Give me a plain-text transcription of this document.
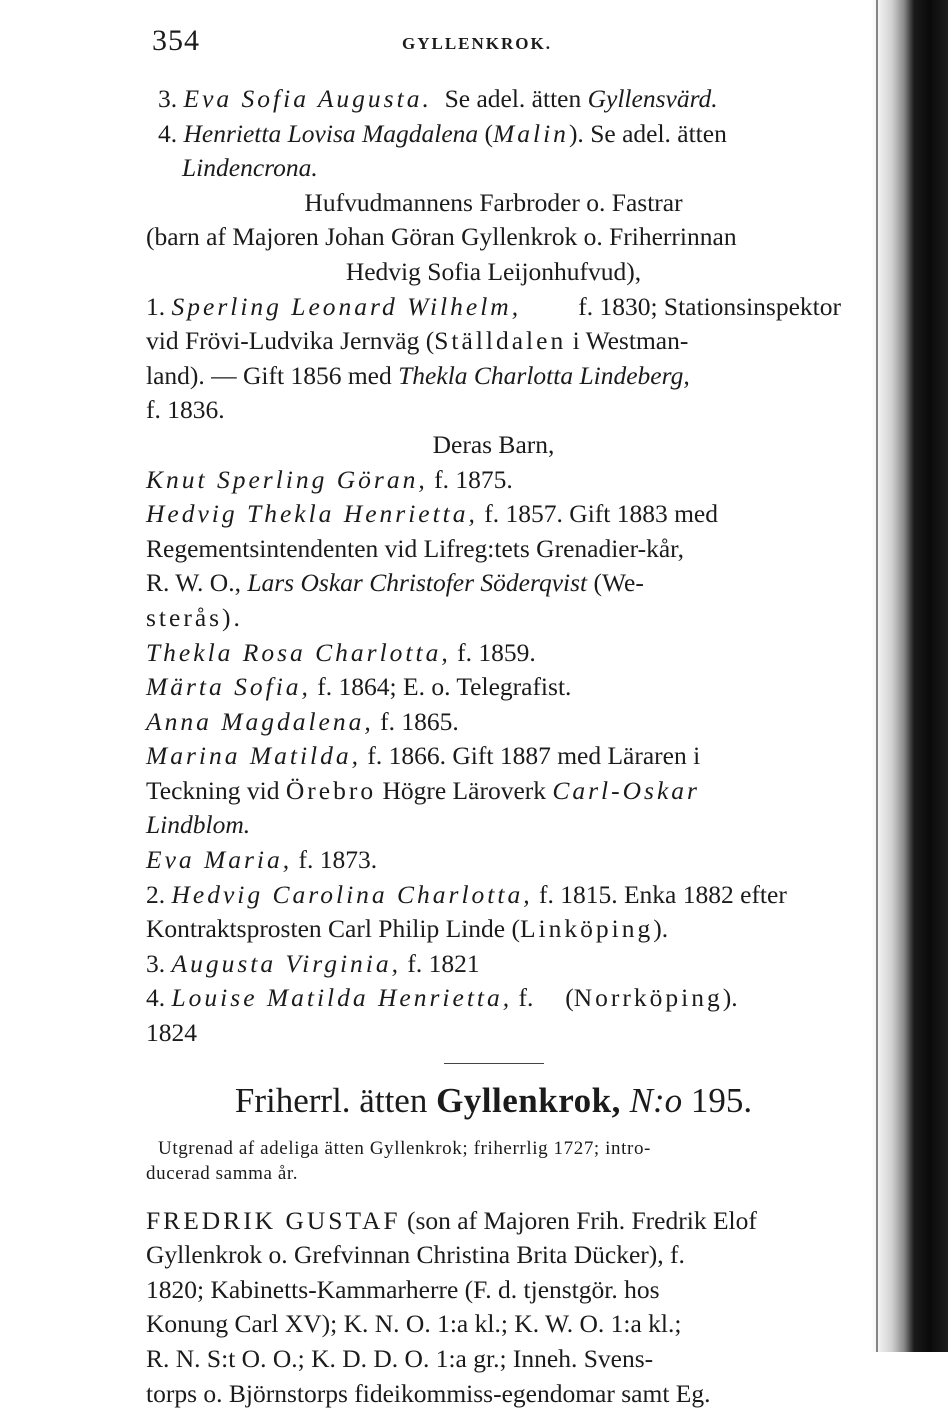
354	GYLLENKROK.
3.
Eva Sofia Augusta.
Se adel. ätten
Gyllensvärd.
4.
Henrietta Lovisa Magdalena
( Malin ).
Se adel. ätten
Lindencrona.
Hufvudmannens Farbroder o. Fastrar
(barn af Majoren Johan Göran Gyllenkrok o. Friherrinnan
Hedvig Sofia Leijonhufvud),
1. Sperling Leonard Wilhelm, f. 1830; Stationsinspektor
vid Frövi-Ludvika Jernväg ( Ställdalen
i Westman-
land). — Gift 1856 med
Thekla Charlotta Lindeberg,
f. 1836.
Deras Barn,
Knut Sperling Göran,
f. 1875.
Hedvig Thekla Henrietta,
f. 1857. Gift 1883 med
Regementsintendenten vid Lifreg:tets Grenadier-kår,
R. W. O.,
Lars Oskar Christofer Söderqvist
(We-
sterås).
Thekla Rosa Charlotta,
f. 1859.
Märta Sofia,
f. 1864; E. o. Telegrafist.
Anna Magdalena,
f. 1865.
Marina Matilda,
f. 1866. Gift 1887 med Läraren i
Teckning vid
Örebro
Högre Läroverk
Carl-Oskar
Lindblom.
Eva Maria,
f. 1873.
2.
Hedvig Carolina Charlotta,
f. 1815. Enka 1882 efter
Kontraktsprosten Carl Philip Linde ( Linköping ).
3.
Augusta Virginia,
f. 1821
4.
Louise Matilda Henrietta,
f.
( Norrköping ).
1824
Friherrl. ätten Gyllenkrok, N:o 195.
Utgrenad af adeliga ätten Gyllenkrok; friherrlig 1727; intro-
ducerad samma år.
FREDRIK GUSTAF
(son af Majoren Frih. Fredrik Elof
Gyllenkrok o. Grefvinnan Christina Brita Dücker), f.
1820; Kabinetts-Kammarherre (F. d. tjenstgör. hos
Konung Carl XV); K. N. O. 1:a kl.; K. W. O. 1:a kl.;
R. N. S:t O. O.; K. D. D. O. 1:a gr.; Inneh. Svens-
torps o. Björnstorps fideikommiss-egendomar samt Eg.
